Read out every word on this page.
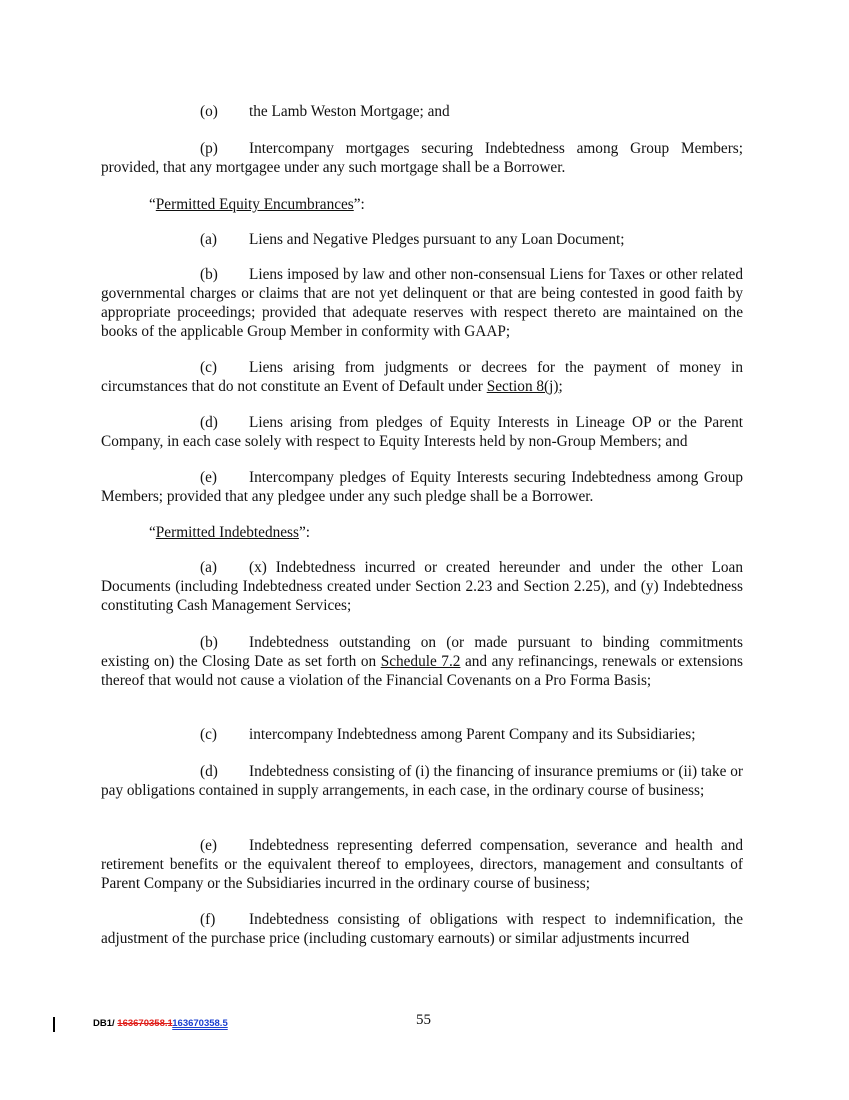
(o) the Lamb Weston Mortgage; and

(p) Intercompany mortgages securing Indebtedness among Group Members; provided, that any mortgagee under any such mortgage shall be a Borrower.

“Permitted Equity Encumbrances”:

(a) Liens and Negative Pledges pursuant to any Loan Document;

(b) Liens imposed by law and other non-consensual Liens for Taxes or other related governmental charges or claims that are not yet delinquent or that are being contested in good faith by appropriate proceedings; provided that adequate reserves with respect thereto are maintained on the books of the applicable Group Member in conformity with GAAP;

(c) Liens arising from judgments or decrees for the payment of money in circumstances that do not constitute an Event of Default under Section 8(j);

(d) Liens arising from pledges of Equity Interests in Lineage OP or the Parent Company, in each case solely with respect to Equity Interests held by non-Group Members; and

(e) Intercompany pledges of Equity Interests securing Indebtedness among Group Members; provided that any pledgee under any such pledge shall be a Borrower.

“Permitted Indebtedness”:

(a) (x) Indebtedness incurred or created hereunder and under the other Loan Documents (including Indebtedness created under Section 2.23 and Section 2.25), and (y) Indebtedness constituting Cash Management Services;

(b) Indebtedness outstanding on (or made pursuant to binding commitments existing on) the Closing Date as set forth on Schedule 7.2 and any refinancings, renewals or extensions thereof that would not cause a violation of the Financial Covenants on a Pro Forma Basis;

(c) intercompany Indebtedness among Parent Company and its Subsidiaries;

(d) Indebtedness consisting of (i) the financing of insurance premiums or (ii) take or pay obligations contained in supply arrangements, in each case, in the ordinary course of business;

(e) Indebtedness representing deferred compensation, severance and health and retirement benefits or the equivalent thereof to employees, directors, management and consultants of Parent Company or the Subsidiaries incurred in the ordinary course of business;

(f) Indebtedness consisting of obligations with respect to indemnification, the adjustment of the purchase price (including customary earnouts) or similar adjustments incurred

DB1/ 163670358.1163670358.5	55
